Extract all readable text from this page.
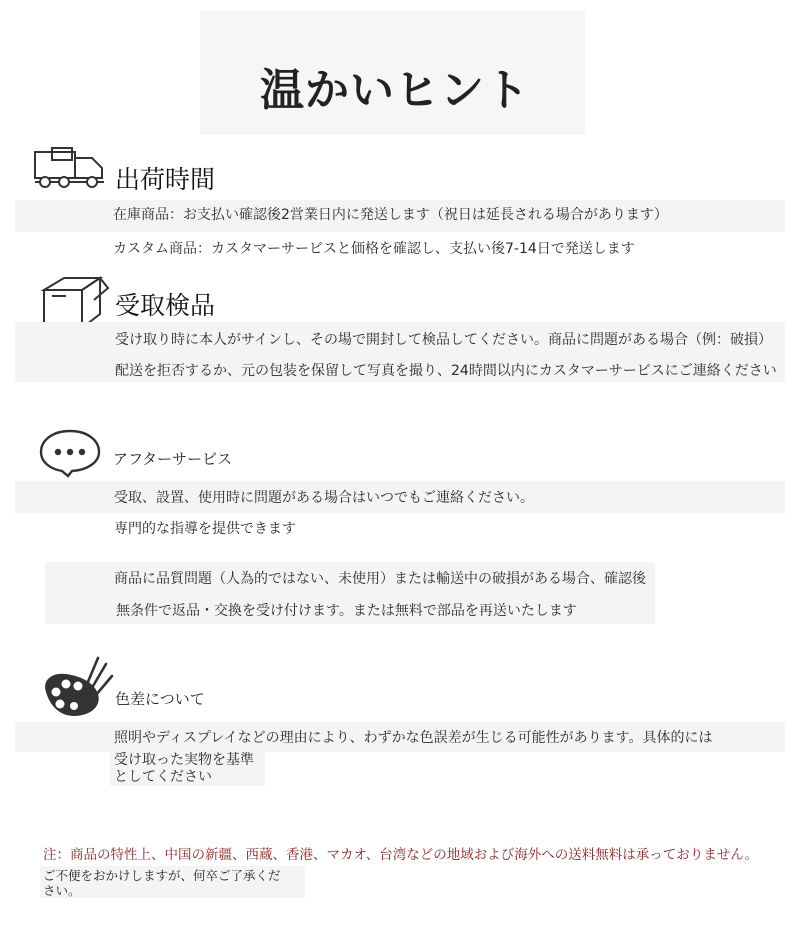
温かいヒント
出荷時間
在庫商品：お支払い確認後2営業日内に発送します（祝日は延長される場合があります）
カスタム商品：カスタマーサービスと価格を確認し、支払い後7-14日で発送します
受取検品
受け取り時に本人がサインし、その場で開封して検品してください。商品に問題がある場合（例：破損）
配送を拒否するか、元の包装を保留して写真を撮り、24時間以内にカスタマーサービスにご連絡ください
アフターサービス
受取、設置、使用時に問題がある場合はいつでもご連絡ください。
専門的な指導を提供できます
商品に品質問題（人為的ではない、未使用）または輸送中の破損がある場合、確認後
無条件で返品・交換を受け付けます。または無料で部品を再送いたします
色差について
照明やディスプレイなどの理由により、わずかな色誤差が生じる可能性があります。具体的には
受け取った実物を基準
としてください
注：商品の特性上、中国の新疆、西蔵、香港、マカオ、台湾などの地域および海外への送料無料は承っておりません。
ご不便をおかけしますが、何卒ご了承ください。
